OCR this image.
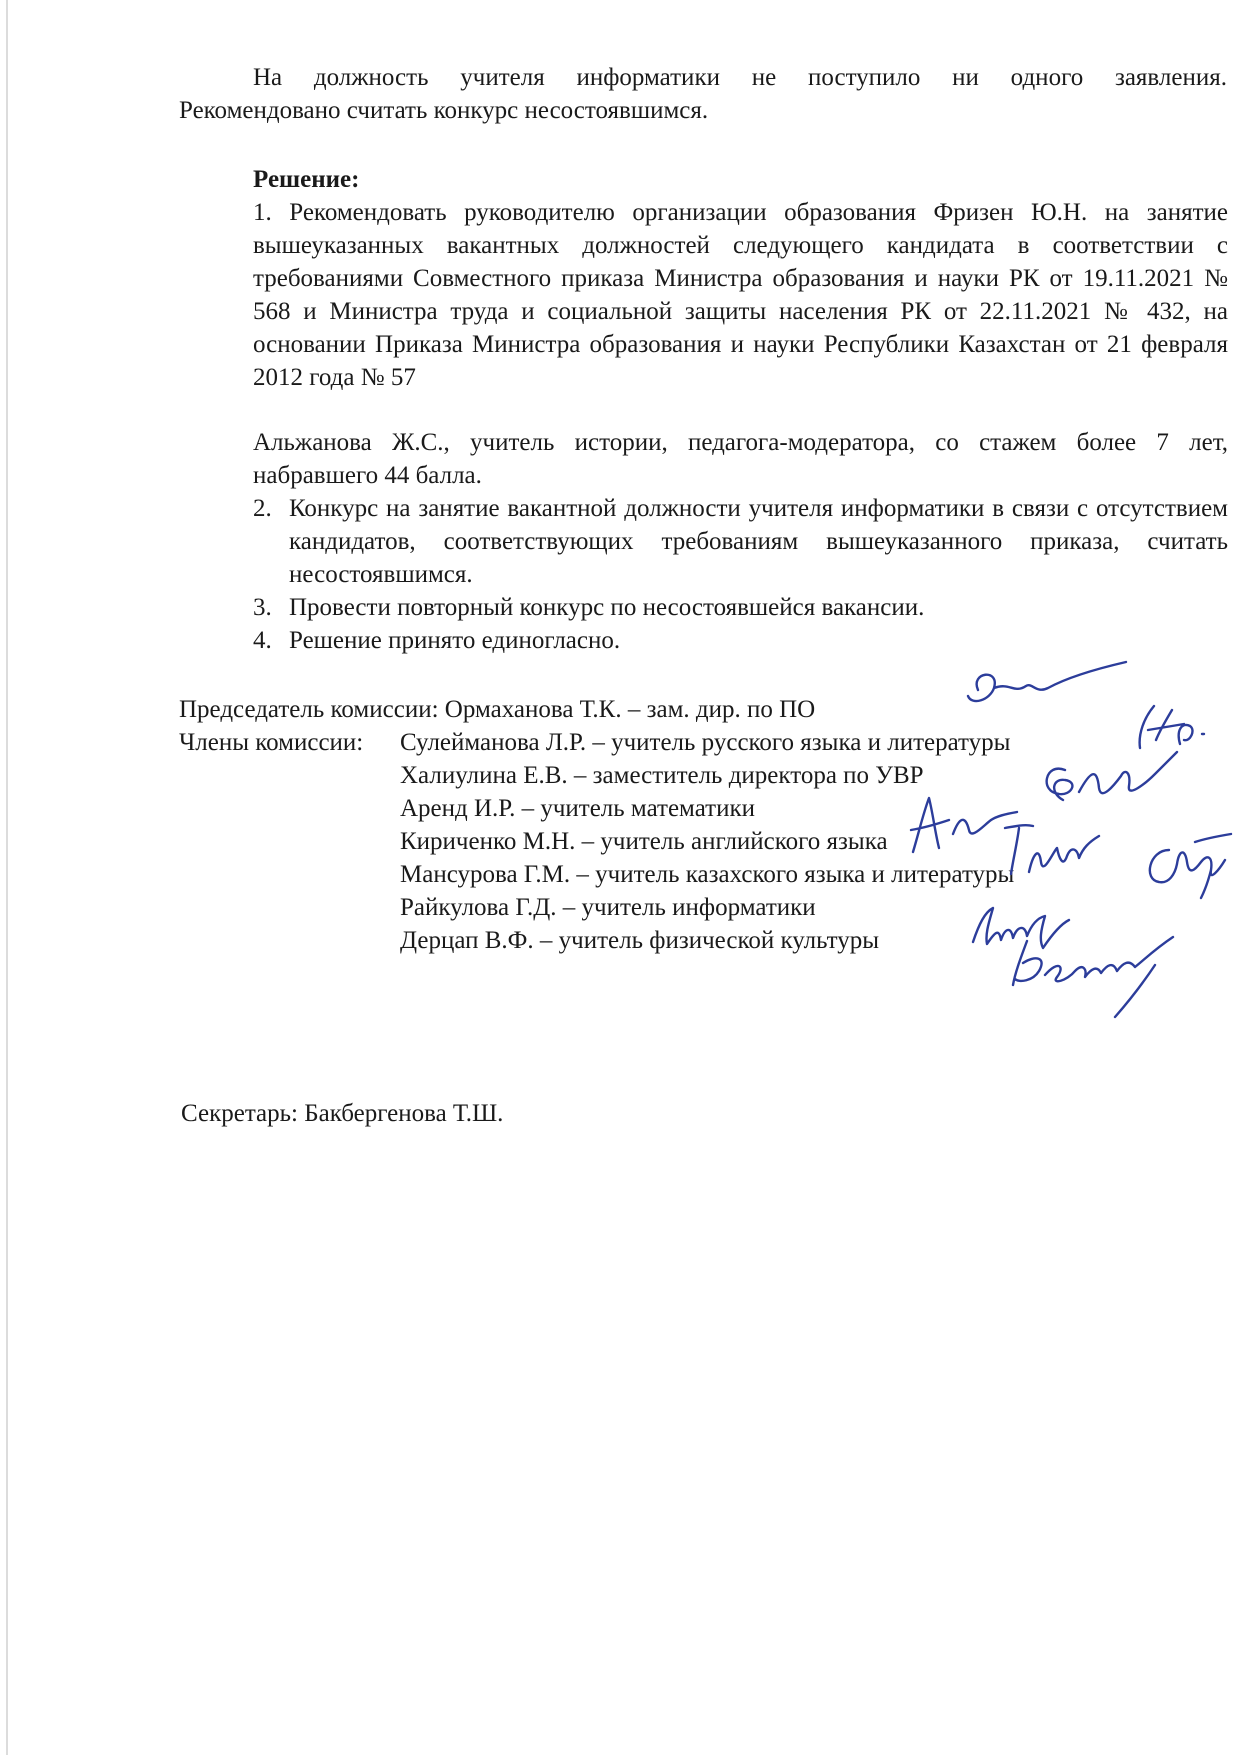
На должность учителя информатики не поступило ни одного заявления.
Рекомендовано считать конкурс несостоявшимся.
Решение:
1. Рекомендовать руководителю организации образования Фризен Ю.Н. на занятие вышеуказанных вакантных должностей следующего кандидата в соответствии с требованиями Совместного приказа Министра образования и науки РК от 19.11.2021 № 568 и Министра труда и социальной защиты населения РК от 22.11.2021 № 432, на основании Приказа Министра образования и науки Республики Казахстан от 21 февраля 2012 года № 57
Альжанова Ж.С., учитель истории, педагога-модератора, со стажем более 7 лет, набравшего 44 балла.
2. Конкурс на занятие вакантной должности учителя информатики в связи с отсутствием кандидатов, соответствующих требованиям вышеуказанного приказа, считать несостоявшимся.
3. Провести повторный конкурс по несостоявшейся вакансии.
4. Решение принято единогласно.
Председатель комиссии: Ормаханова Т.К. – зам. дир. по ПО
Члены комиссии:	Сулейманова Л.Р. – учитель русского языка и литературы
Халиулина Е.В. – заместитель директора по УВР
Аренд И.Р. – учитель математики
Кириченко М.Н. – учитель английского языка
Мансурова Г.М. – учитель казахского языка и литературы
Райкулова Г.Д. – учитель информатики
Дерцап В.Ф. – учитель физической культуры
Секретарь: Бакбергенова Т.Ш.
